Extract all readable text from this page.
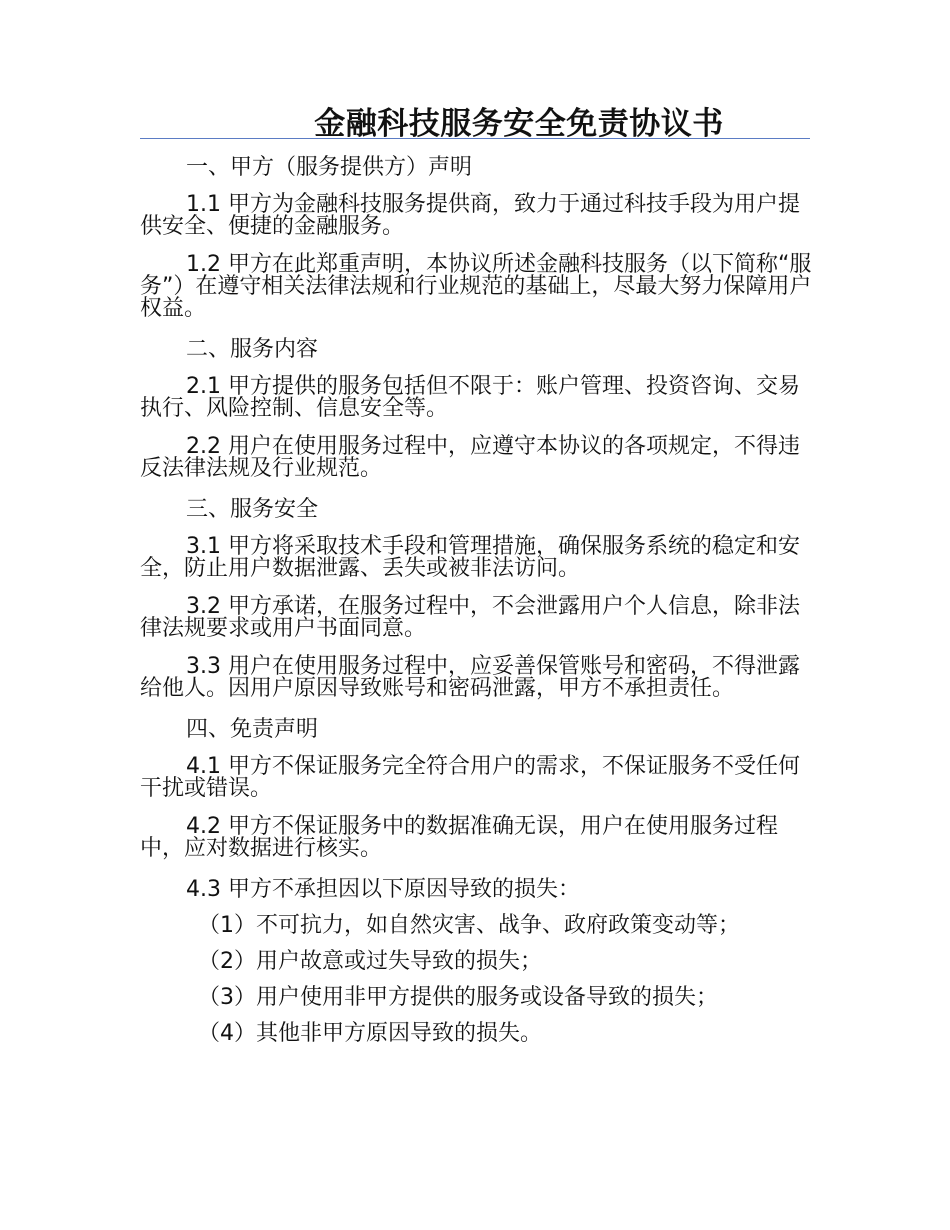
金融科技服务安全免责协议书
一、甲方（服务提供方）声明
1.1 甲方为金融科技服务提供商，致力于通过科技手段为用户提供安全、便捷的金融服务。
1.2 甲方在此郑重声明，本协议所述金融科技服务（以下简称“服务”）在遵守相关法律法规和行业规范的基础上，尽最大努力保障用户权益。
二、服务内容
2.1 甲方提供的服务包括但不限于：账户管理、投资咨询、交易执行、风险控制、信息安全等。
2.2 用户在使用服务过程中，应遵守本协议的各项规定，不得违反法律法规及行业规范。
三、服务安全
3.1 甲方将采取技术手段和管理措施，确保服务系统的稳定和安全，防止用户数据泄露、丢失或被非法访问。
3.2 甲方承诺，在服务过程中，不会泄露用户个人信息，除非法律法规要求或用户书面同意。
3.3 用户在使用服务过程中，应妥善保管账号和密码，不得泄露给他人。因用户原因导致账号和密码泄露，甲方不承担责任。
四、免责声明
4.1 甲方不保证服务完全符合用户的需求，不保证服务不受任何干扰或错误。
4.2 甲方不保证服务中的数据准确无误，用户在使用服务过程中，应对数据进行核实。
4.3 甲方不承担因以下原因导致的损失：
（1）不可抗力，如自然灾害、战争、政府政策变动等；
（2）用户故意或过失导致的损失；
（3）用户使用非甲方提供的服务或设备导致的损失；
（4）其他非甲方原因导致的损失。
